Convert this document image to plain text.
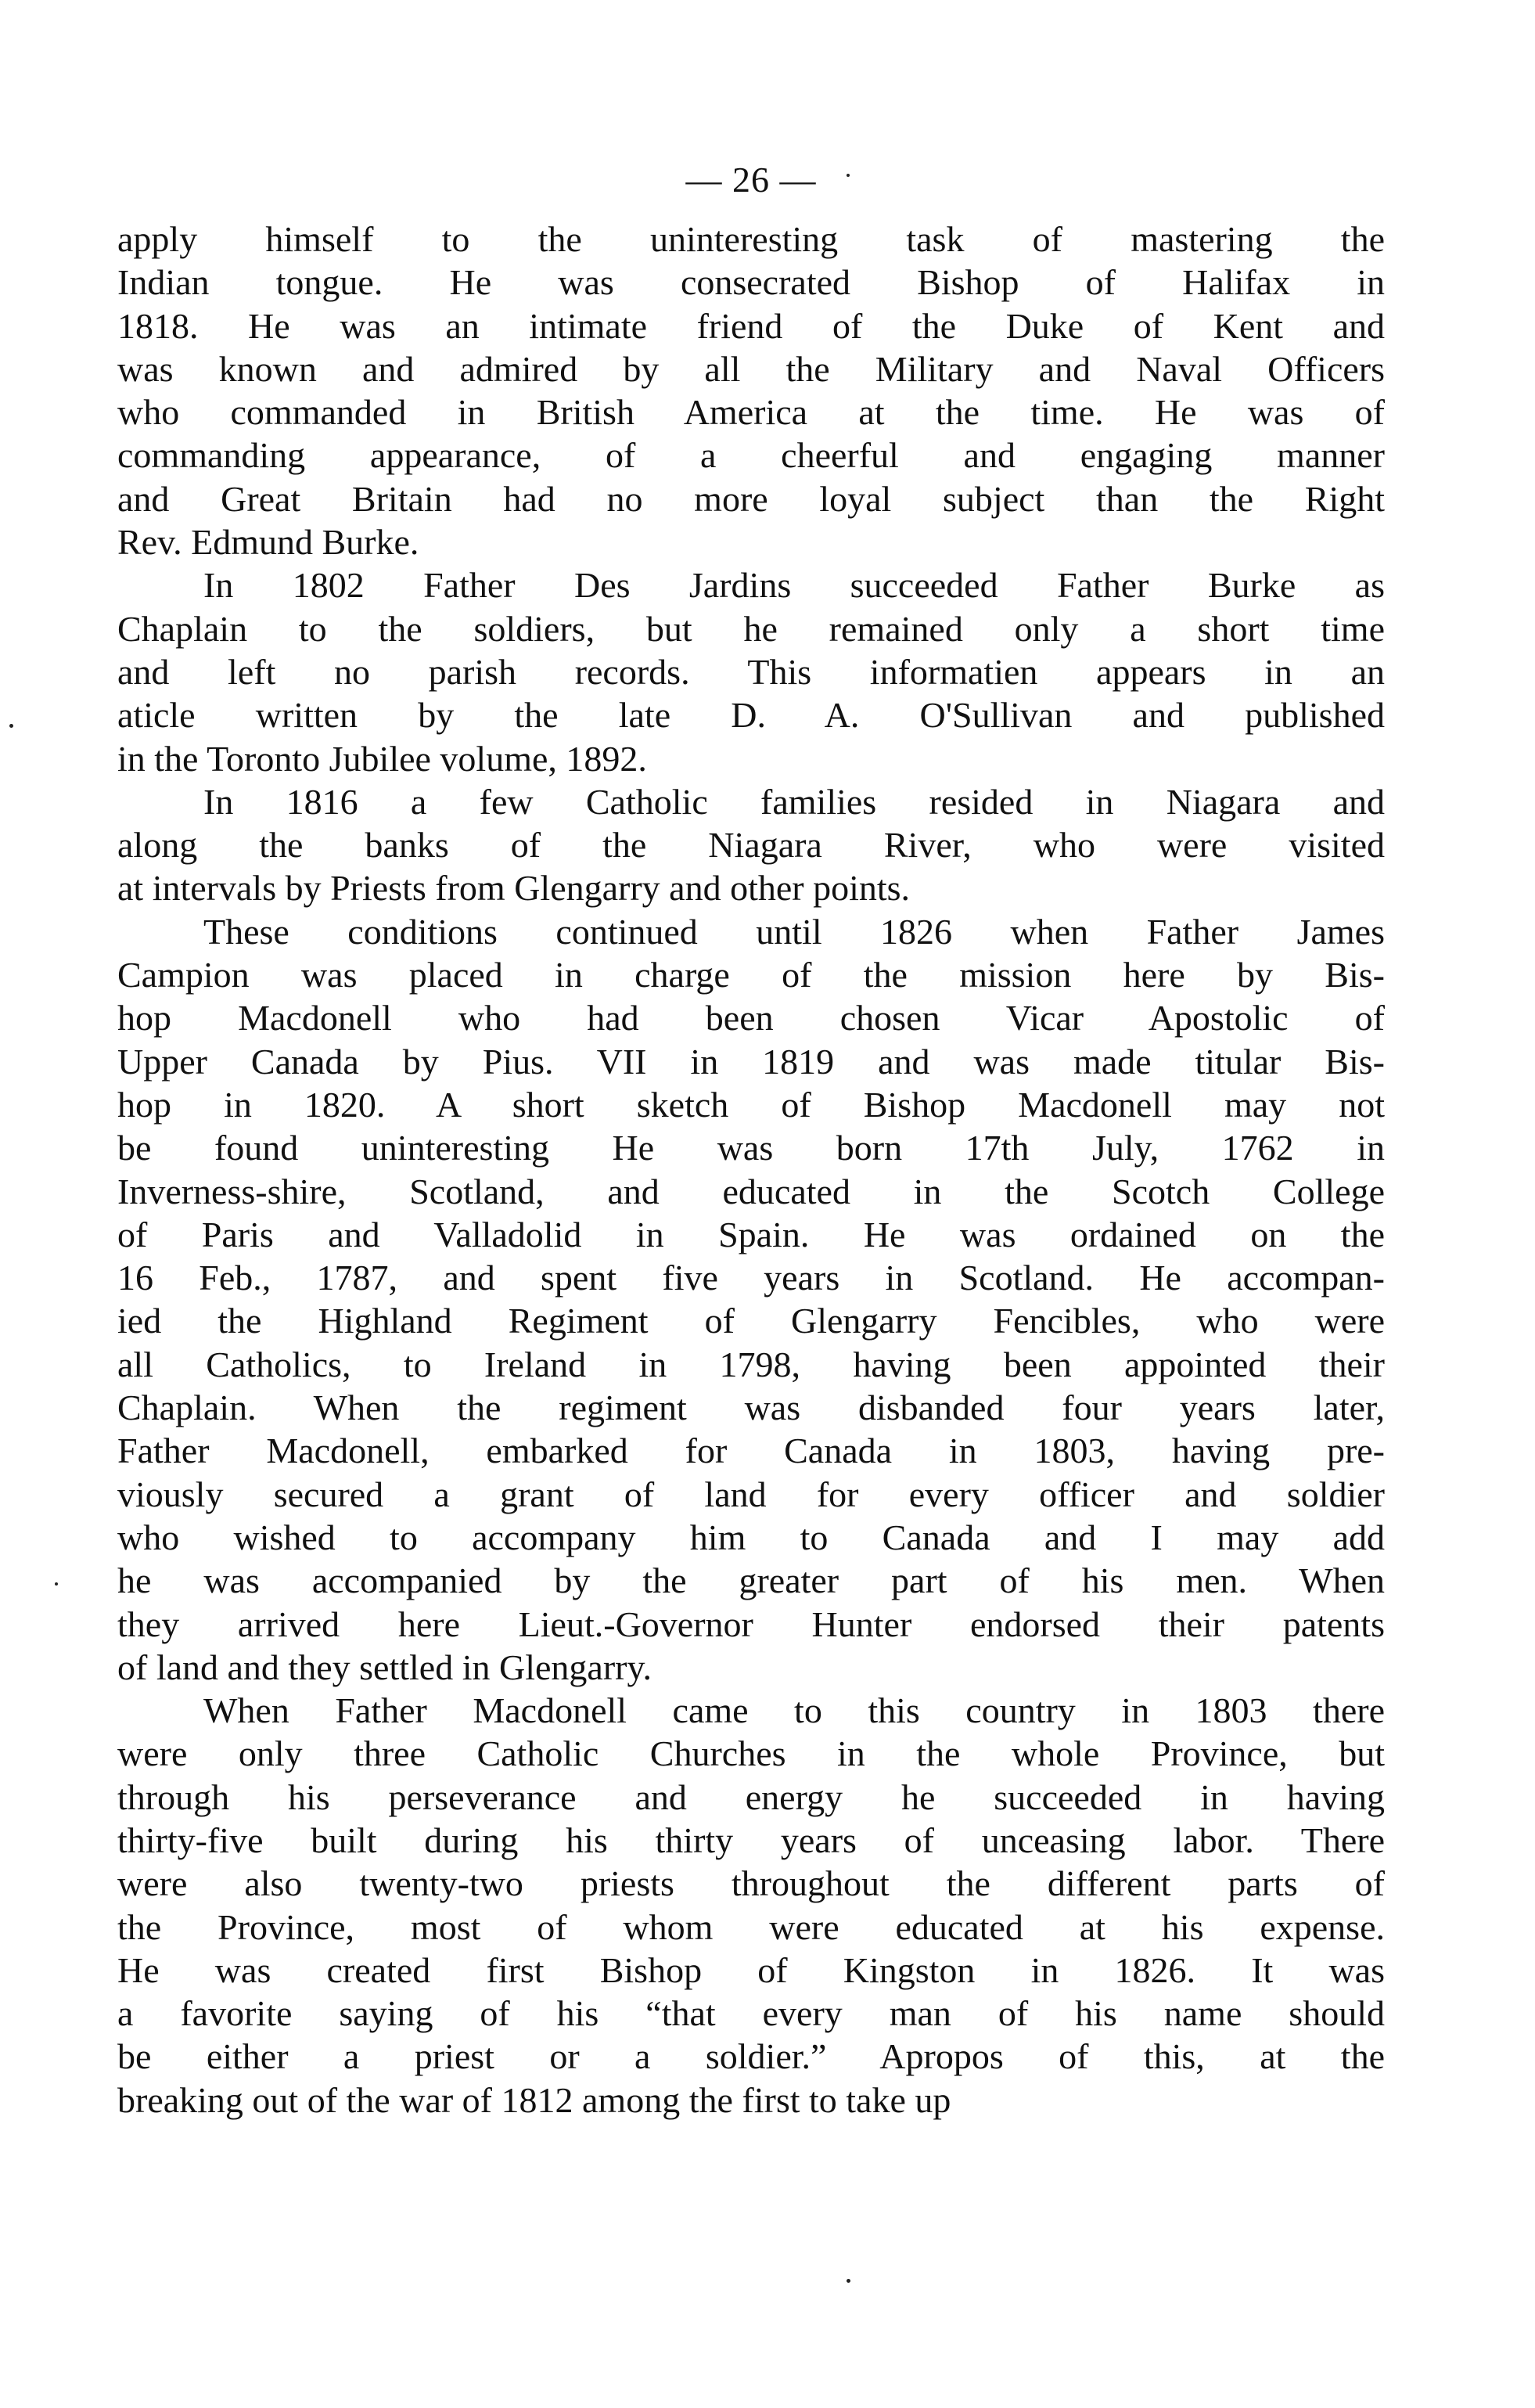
— 26 —
apply himself to the uninteresting task of mastering the
Indian tongue. He was consecrated Bishop of Halifax in
1818. He was an intimate friend of the Duke of Kent and
was known and admired by all the Military and Naval Officers
who commanded in British America at the time. He was of
commanding appearance, of a cheerful and engaging manner
and Great Britain had no more loyal subject than the Right
Rev. Edmund Burke.
In 1802 Father Des Jardins succeeded Father Burke as
Chaplain to the soldiers, but he remained only a short time
and left no parish records. This informatien appears in an
aticle written by the late D. A. O'Sullivan and published
in the Toronto Jubilee volume, 1892.
In 1816 a few Catholic families resided in Niagara and
along the banks of the Niagara River, who were visited
at intervals by Priests from Glengarry and other points.
These conditions continued until 1826 when Father James
Campion was placed in charge of the mission here by Bis-
hop Macdonell who had been chosen Vicar Apostolic of
Upper Canada by Pius. VII in 1819 and was made titular Bis-
hop in 1820. A short sketch of Bishop Macdonell may not
be found uninteresting He was born 17th July, 1762 in
Inverness-shire, Scotland, and educated in the Scotch College
of Paris and Valladolid in Spain. He was ordained on the
16 Feb., 1787, and spent five years in Scotland. He accompan-
ied the Highland Regiment of Glengarry Fencibles, who were
all Catholics, to Ireland in 1798, having been appointed their
Chaplain. When the regiment was disbanded four years later,
Father Macdonell, embarked for Canada in 1803, having pre-
viously secured a grant of land for every officer and soldier
who wished to accompany him to Canada and I may add
he was accompanied by the greater part of his men. When
they arrived here Lieut.-Governor Hunter endorsed their patents
of land and they settled in Glengarry.
When Father Macdonell came to this country in 1803 there
were only three Catholic Churches in the whole Province, but
through his perseverance and energy he succeeded in having
thirty-five built during his thirty years of unceasing labor. There
were also twenty-two priests throughout the different parts of
the Province, most of whom were educated at his expense.
He was created first Bishop of Kingston in 1826. It was
a favorite saying of his “that every man of his name should
be either a priest or a soldier.” Apropos of this, at the
breaking out of the war of 1812 among the first to take up
